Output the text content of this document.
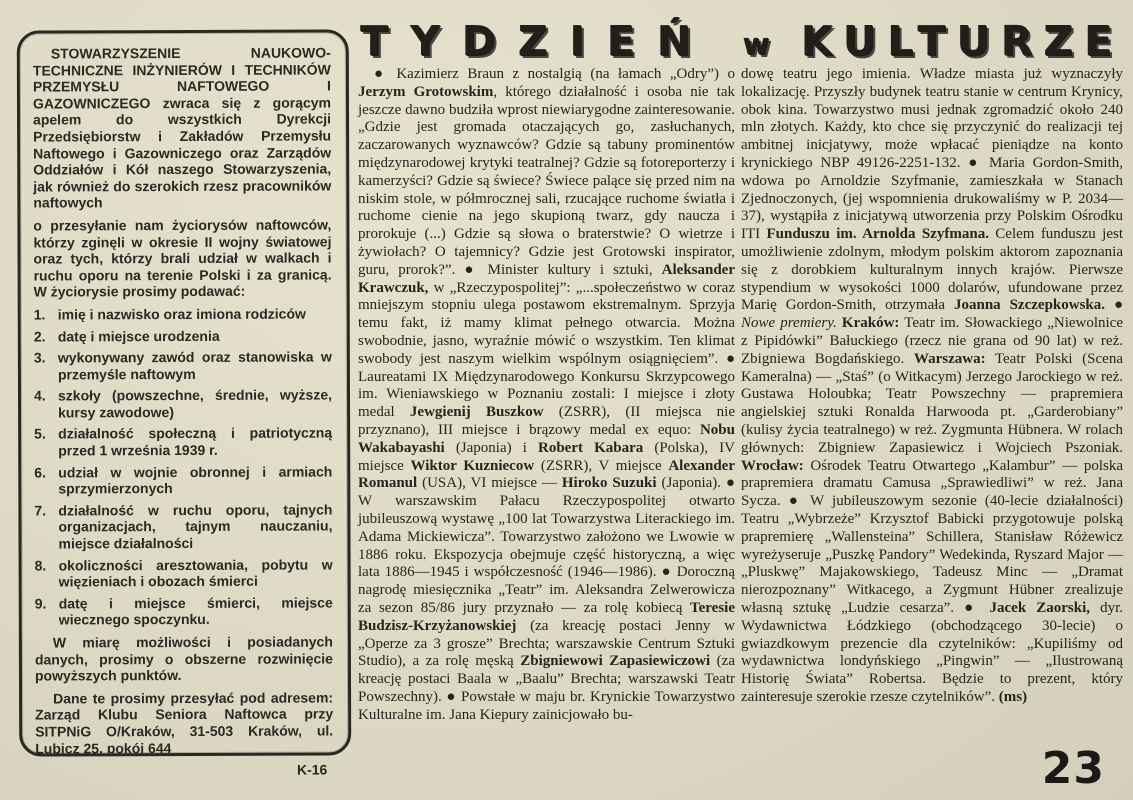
STOWARZYSZENIE NAUKOWO-TECHNICZNE INŻYNIERÓW I TECHNIKÓW PRZEMYSŁU NAFTOWEGO I GAZOWNICZEGO zwraca się z gorącym apelem do wszystkich Dyrekcji Przedsiębiorstw i Zakładów Przemysłu Naftowego i Gazowniczego oraz Zarządów Oddziałów i Kół naszego Stowarzyszenia, jak również do szerokich rzesz pracowników naftowych

o przesyłanie nam życiorysów naftowców, którzy zginęli w okresie II wojny światowej oraz tych, którzy brali udział w walkach i ruchu oporu na terenie Polski i za granicą. W życiorysie prosimy podawać:

1. imię i nazwisko oraz imiona rodziców
2. datę i miejsce urodzenia
3. wykonywany zawód oraz stanowiska w przemyśle naftowym
4. szkoły (powszechne, średnie, wyższe, kursy zawodowe)
5. działalność społeczną i patriotyczną przed 1 września 1939 r.
6. udział w wojnie obronnej i armiach sprzymierzonych
7. działalność w ruchu oporu, tajnych organizacjach, tajnym nauczaniu, miejsce działalności
8. okoliczności aresztowania, pobytu w więzieniach i obozach śmierci
9. datę i miejsce śmierci, miejsce wiecznego spoczynku.

W miarę możliwości i posiadanych danych, prosimy o obszerne rozwinięcie powyższych punktów.

Dane te prosimy przesyłać pod adresem: Zarząd Klubu Seniora Naftowca przy SITPNiG O/Kraków, 31-503 Kraków, ul. Lubicz 25, pokój 644

K-16
TYDZIEŃ w KULTURZE
● Kazimierz Braun z nostalgią (na łamach „Odry”) o Jerzym Grotowskim, którego działalność i osoba nie tak jeszcze dawno budziła wprost niewiarygodne zainteresowanie. „Gdzie jest gromada otaczających go, zasłuchanych, zaczarowanych wyznawców? Gdzie są tabuny prominentów międzynarodowej krytyki teatralnej? Gdzie są fotoreporterzy i kamerzyści? Gdzie są świece? Świece palące się przed nim na niskim stole, w półmrocznej sali, rzucające ruchome światła i ruchome cienie na jego skupioną twarz, gdy naucza i prorokuje (...) Gdzie są słowa o braterstwie? O wietrze i żywiołach? O tajemnicy? Gdzie jest Grotowski inspirator, guru, prorok?”. ● Minister kultury i sztuki, Aleksander Krawczuk, w „Rzeczypospolitej”: „...społeczeństwo w coraz mniejszym stopniu ulega postawom ekstremalnym. Sprzyja temu fakt, iż mamy klimat pełnego otwarcia. Można swobodnie, jasno, wyraźnie mówić o wszystkim. Ten klimat swobody jest naszym wielkim wspólnym osiągnięciem”. ● Laureatami IX Międzynarodowego Konkursu Skrzypcowego im. Wieniawskiego w Poznaniu zostali: I miejsce i złoty medal Jewgienij Buszkow (ZSRR), (II miejsca nie przyznano), III miejsce i brązowy medal ex equo: Nobu Wakabayashi (Japonia) i Robert Kabara (Polska), IV miejsce Wiktor Kuzniecow (ZSRR), V miejsce Alexander Romanul (USA), VI miejsce — Hiroko Suzuki (Japonia). ● W warszawskim Pałacu Rzeczypospolitej otwarto jubileuszową wystawę „100 lat Towarzystwa Literackiego im. Adama Mickiewicza”. Towarzystwo założono we Lwowie w 1886 roku. Ekspozycja obejmuje część historyczną, a więc lata 1886—1945 i współczesność (1946—1986). ● Doroczną nagrodę miesięcznika „Teatr” im. Aleksandra Zelwerowicza za sezon 85/86 jury przyznało — za rolę kobiecą Teresie Budzisz-Krzyżanowskiej (za kreację postaci Jenny w „Operze za 3 grosze” Brechta; warszawskie Centrum Sztuki Studio), a za rolę męską Zbigniewowi Zapasiewiczowi (za kreację postaci Baala w „Baalu” Brechta; warszawski Teatr Powszechny). ● Powstałe w maju br. Krynickie Towarzystwo Kulturalne im. Jana Kiepury zainicjowało bu-
dowę teatru jego imienia. Władze miasta już wyznaczyły lokalizację. Przyszły budynek teatru stanie w centrum Krynicy, obok kina. Towarzystwo musi jednak zgromadzić około 240 mln złotych. Każdy, kto chce się przyczynić do realizacji tej ambitnej inicjatywy, może wpłacać pieniądze na konto krynickiego NBP 49126-2251-132. ● Maria Gordon-Smith, wdowa po Arnoldzie Szyfmanie, zamieszkała w Stanach Zjednoczonych, (jej wspomnienia drukowaliśmy w P. 2034—37), wystąpiła z inicjatywą utworzenia przy Polskim Ośrodku ITI Funduszu im. Arnolda Szyfmana. Celem funduszu jest umożliwienie zdolnym, młodym polskim aktorom zapoznania się z dorobkiem kulturalnym innych krajów. Pierwsze stypendium w wysokości 1000 dolarów, ufundowane przez Marię Gordon-Smith, otrzymała Joanna Szczepkowska. ● Nowe premiery. Kraków: Teatr im. Słowackiego „Niewolnice z Pipidówki” Bałuckiego (rzecz nie grana od 90 lat) w reż. Zbigniewa Bogdańskiego. Warszawa: Teatr Polski (Scena Kameralna) — „Staś” (o Witkacym) Jerzego Jarockiego w reż. Gustawa Holoubka; Teatr Powszechny — prapremiera angielskiej sztuki Ronalda Harwooda pt. „Garderobiany” (kulisy życia teatralnego) w reż. Zygmunta Hübnera. W rolach głównych: Zbigniew Zapasiewicz i Wojciech Pszoniak. Wrocław: Ośrodek Teatru Otwartego „Kalambur” — polska prapremiera dramatu Camusa „Sprawiedliwi” w reż. Jana Sycza. ● W jubileuszowym sezonie (40-lecie działalności) Teatru „Wybrzeże” Krzysztof Babicki przygotowuje polską prapremierę „Wallensteina” Schillera, Stanisław Różewicz wyreżyseruje „Puszkę Pandory” Wedekinda, Ryszard Major — „Pluskwę” Majakowskiego, Tadeusz Minc — „Dramat nierozpoznany” Witkacego, a Zygmunt Hübner zrealizuje własną sztukę „Ludzie cesarza”. ● Jacek Zaorski, dyr. Wydawnictwa Łódzkiego (obchodzącego 30-lecie) o gwiazdkowym prezencie dla czytelników: „Kupiliśmy od wydawnictwa londyńskiego „Pingwin” — „Ilustrowaną Historię Świata” Robertsa. Będzie to prezent, który zainteresuje szerokie rzesze czytelników”. (ms)
23
